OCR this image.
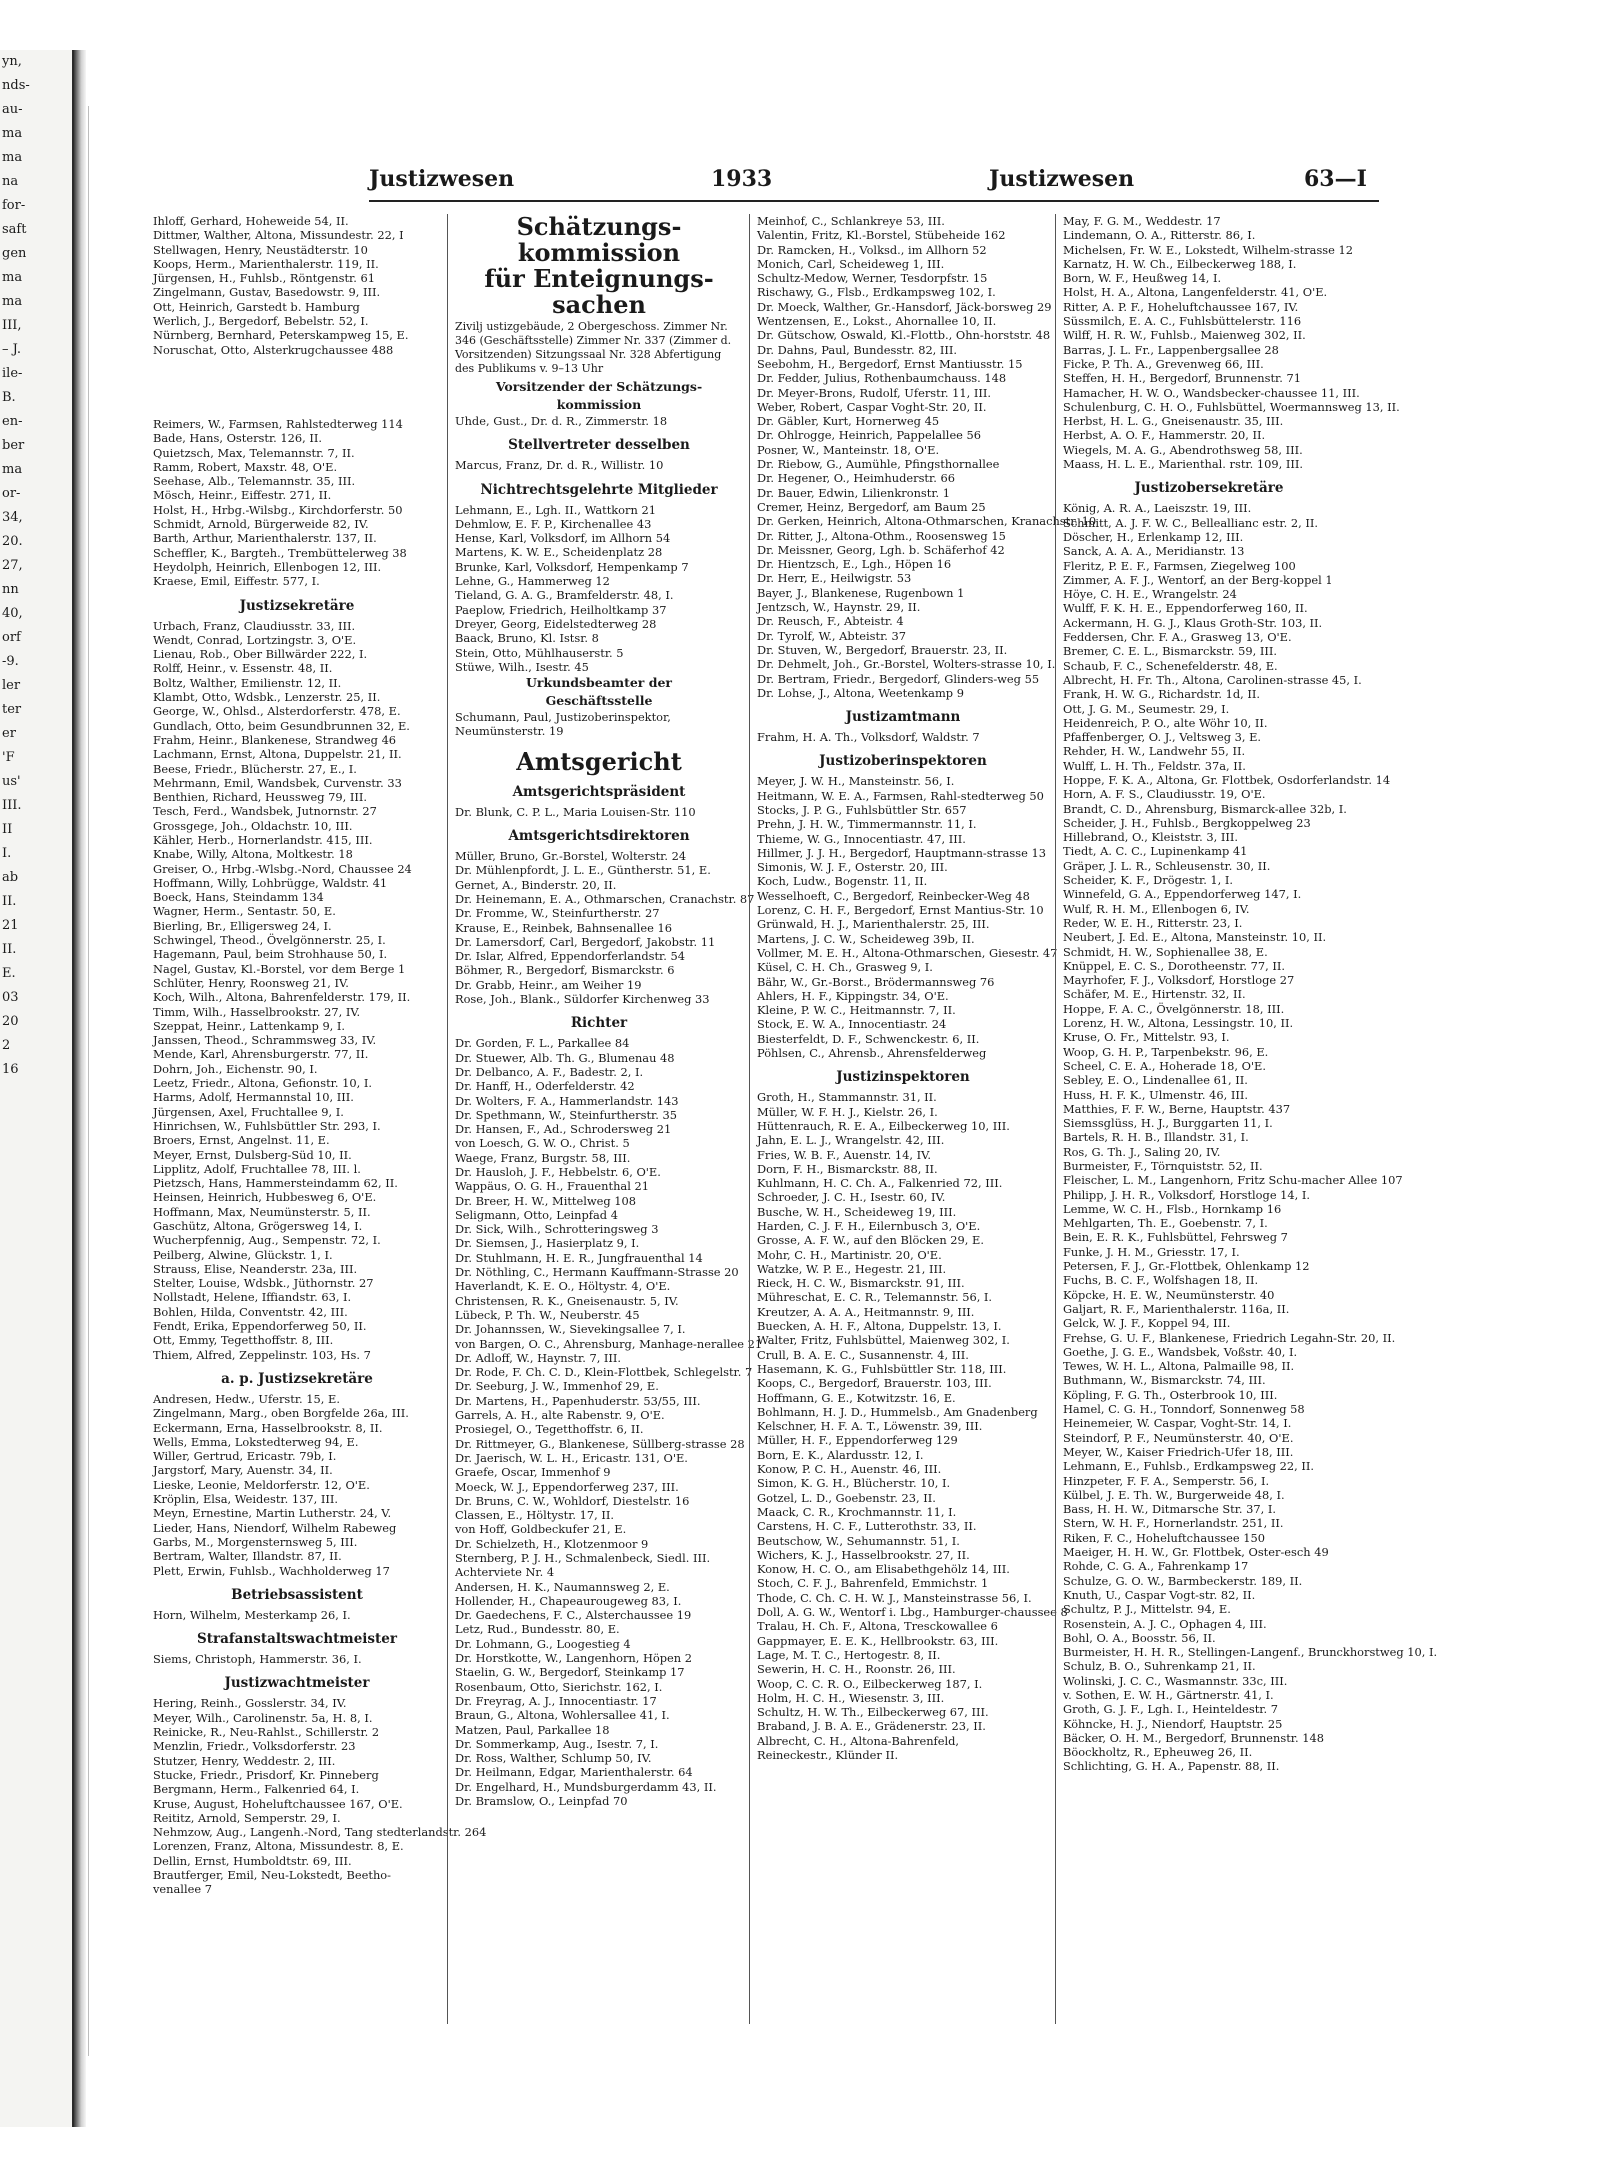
yn,
nds-
au-
ma
ma
na
for-
saft
gen
ma
ma
III,
– J.
ile-
B.
en-
ber
ma
or-
34,
20.
27,
nn
40,
orf
-9.
ler
ter
er
'F
us'
III.
II
I.
ab
II.
21
II.
E.
03
20
2
16
Justizwesen	1933	Justizwesen	63—I
Ihloff, Gerhard, Hoheweide 54, II.
Dittmer, Walther, Altona, Missundestr. 22, I
Stellwagen, Henry, Neustädterstr. 10
Koops, Herm., Marienthalerstr. 119, II.
Jürgensen, H., Fuhlsb., Röntgenstr. 61
Zingelmann, Gustav, Basedowstr. 9, III.
Ott, Heinrich, Garstedt b. Hamburg
Werlich, J., Bergedorf, Bebelstr. 52, I.
Nürnberg, Bernhard, Peterskampweg 15, E.
Noruschat, Otto, Alsterkrugchaussee 488
Reimers, W., Farmsen, Rahlstedterweg 114
Bade, Hans, Osterstr. 126, II.
Quietzsch, Max, Telemannstr. 7, II.
Ramm, Robert, Maxstr. 48, O'E.
Seehase, Alb., Telemannstr. 35, III.
Mösch, Heinr., Eiffestr. 271, II.
Holst, H., Hrbg.-Wilsbg., Kirchdorferstr. 50
Schmidt, Arnold, Bürgerweide 82, IV.
Barth, Arthur, Marienthalerstr. 137, II.
Scheffler, K., Bargteh., Trembüttelerweg 38
Heydolph, Heinrich, Ellenbogen 12, III.
Kraese, Emil, Eiffestr. 577, I.
Justizsekretäre
Urbach, Franz, Claudiusstr. 33, III.
Wendt, Conrad, Lortzingstr. 3, O'E.
Lienau, Rob., Ober Billwärder 222, I.
Rolff, Heinr., v. Essenstr. 48, II.
Boltz, Walther, Emilienstr. 12, II.
Klambt, Otto, Wdsbk., Lenzerstr. 25, II.
George, W., Ohlsd., Alsterdorferstr. 478, E.
Gundlach, Otto, beim Gesundbrunnen 32, E.
Frahm, Heinr., Blankenese, Strandweg 46
Lachmann, Ernst, Altona, Duppelstr. 21, II.
Beese, Friedr., Blücherstr. 27, E., I.
Mehrmann, Emil, Wandsbek, Curvenstr. 33
Benthien, Richard, Heussweg 79, III.
Tesch, Ferd., Wandsbek, Jutnornstr. 27
Grossgege, Joh., Oldachstr. 10, III.
Kähler, Herb., Hornerlandstr. 415, III.
Knabe, Willy, Altona, Moltkestr. 18
Greiser, O., Hrbg.-Wlsbg.-Nord, Chaussee 24
Hoffmann, Willy, Lohbrügge, Waldstr. 41
Boeck, Hans, Steindamm 134
Wagner, Herm., Sentastr. 50, E.
Bierling, Br., Elligersweg 24, I.
Schwingel, Theod., Övelgönnerstr. 25, I.
Hagemann, Paul, beim Strohhause 50, I.
Nagel, Gustav, Kl.-Borstel, vor dem Berge 1
Schlüter, Henry, Roonsweg 21, IV.
Koch, Wilh., Altona, Bahrenfelderstr. 179, II.
Timm, Wilh., Hasselbrookstr. 27, IV.
Szeppat, Heinr., Lattenkamp 9, I.
Janssen, Theod., Schrammsweg 33, IV.
Mende, Karl, Ahrensburgerstr. 77, II.
Dohrn, Joh., Eichenstr. 90, I.
Leetz, Friedr., Altona, Gefionstr. 10, I.
Harms, Adolf, Hermannstal 10, III.
Jürgensen, Axel, Fruchtallee 9, I.
Hinrichsen, W., Fuhlsbüttler Str. 293, I.
Broers, Ernst, Angelnst. 11, E.
Meyer, Ernst, Dulsberg-Süd 10, II.
Lipplitz, Adolf, Fruchtallee 78, III. l.
Pietzsch, Hans, Hammersteindamm 62, II.
Heinsen, Heinrich, Hubbesweg 6, O'E.
Hoffmann, Max, Neumünsterstr. 5, II.
Gaschütz, Altona, Grögersweg 14, I.
Wucherpfennig, Aug., Sempenstr. 72, I.
Peilberg, Alwine, Glückstr. 1, I.
Strauss, Elise, Neanderstr. 23a, III.
Stelter, Louise, Wdsbk., Jüthornstr. 27
Nollstadt, Helene, Iffiandstr. 63, I.
Bohlen, Hilda, Conventstr. 42, III.
Fendt, Erika, Eppendorferweg 50, II.
Ott, Emmy, Tegetthoffstr. 8, III.
Thiem, Alfred, Zeppelinstr. 103, Hs. 7
a. p. Justizsekretäre
Andresen, Hedw., Uferstr. 15, E.
Zingelmann, Marg., oben Borgfelde 26a, III.
Eckermann, Erna, Hasselbrookstr. 8, II.
Wells, Emma, Lokstedterweg 94, E.
Willer, Gertrud, Ericastr. 79b, I.
Jargstorf, Mary, Auenstr. 34, II.
Lieske, Leonie, Meldorferstr. 12, O'E.
Kröplin, Elsa, Weidestr. 137, III.
Meyn, Ernestine, Martin Lutherstr. 24, V.
Lieder, Hans, Niendorf, Wilhelm Rabeweg
Garbs, M., Morgensternsweg 5, III.
Bertram, Walter, Illandstr. 87, II.
Plett, Erwin, Fuhlsb., Wachholderweg 17
Betriebsassistent
Horn, Wilhelm, Mesterkamp 26, I.
Strafanstaltswachtmeister
Siems, Christoph, Hammerstr. 36, I.
Justizwachtmeister
Hering, Reinh., Gosslerstr. 34, IV.
Meyer, Wilh., Carolinenstr. 5a, H. 8, I.
Reinicke, R., Neu-Rahlst., Schillerstr. 2
Menzlin, Friedr., Volksdorferstr. 23
Stutzer, Henry, Weddestr. 2, III.
Stucke, Friedr., Prisdorf, Kr. Pinneberg
Bergmann, Herm., Falkenried 64, I.
Kruse, August, Hoheluftchaussee 167, O'E.
Reititz, Arnold, Semperstr. 29, I.
Nehmzow, Aug., Langenh.-Nord, Tang stedterlandstr. 264
Lorenzen, Franz, Altona, Missundestr. 8, E.
Dellin, Ernst, Humboldtstr. 69, III.
Brautferger, Emil, Neu-Lokstedt, Beetho-
venallee 7
Schätzungs-
kommission
für Enteignungs-
sachen
Zivilj ustizgebäude, 2 Obergeschoss. Zimmer Nr. 346 (Geschäftsstelle) Zimmer Nr. 337 (Zimmer d. Vorsitzenden) Sitzungssaal Nr. 328 Abfertigung des Publikums v. 9–13 Uhr
Vorsitzender der Schätzungs-
kommission
Uhde, Gust., Dr. d. R., Zimmerstr. 18
Stellvertreter desselben
Marcus, Franz, Dr. d. R., Willistr. 10
Nichtrechtsgelehrte Mitglieder
Lehmann, E., Lgh. II., Wattkorn 21
Dehmlow, E. F. P., Kirchenallee 43
Hense, Karl, Volksdorf, im Allhorn 54
Martens, K. W. E., Scheidenplatz 28
Brunke, Karl, Volksdorf, Hempenkamp 7
Lehne, G., Hammerweg 12
Tieland, G. A. G., Bramfelderstr. 48, I.
Paeplow, Friedrich, Heilholtkamp 37
Dreyer, Georg, Eidelstedterweg 28
Baack, Bruno, Kl. Istsr. 8
Stein, Otto, Mühlhauserstr. 5
Stüwe, Wilh., Isestr. 45
Urkundsbeamter der
Geschäftsstelle
Schumann, Paul, Justizoberinspektor,
Neumünsterstr. 19
Amtsgericht
Amtsgerichtspräsident
Dr. Blunk, C. P. L., Maria Louisen-Str. 110
Amtsgerichtsdirektoren
Müller, Bruno, Gr.-Borstel, Wolterstr. 24
Dr. Mühlenpfordt, J. L. E., Güntherstr. 51, E.
Gernet, A., Binderstr. 20, II.
Dr. Heinemann, E. A., Othmarschen, Cranachstr. 87
Dr. Fromme, W., Steinfurtherstr. 27
Krause, E., Reinbek, Bahnsenallee 16
Dr. Lamersdorf, Carl, Bergedorf, Jakobstr. 11
Dr. Islar, Alfred, Eppendorferlandstr. 54
Böhmer, R., Bergedorf, Bismarckstr. 6
Dr. Grabb, Heinr., am Weiher 19
Rose, Joh., Blank., Süldorfer Kirchenweg 33
Richter
Dr. Gorden, F. L., Parkallee 84
Dr. Stuewer, Alb. Th. G., Blumenau 48
Dr. Delbanco, A. F., Badestr. 2, I.
Dr. Hanff, H., Oderfelderstr. 42
Dr. Wolters, F. A., Hammerlandstr. 143
Dr. Spethmann, W., Steinfurtherstr. 35
Dr. Hansen, F., Ad., Schrodersweg 21
von Loesch, G. W. O., Christ. 5
Waege, Franz, Burgstr. 58, III.
Dr. Hausloh, J. F., Hebbelstr. 6, O'E.
Wappäus, O. G. H., Frauenthal 21
Dr. Breer, H. W., Mittelweg 108
Seligmann, Otto, Leinpfad 4
Dr. Sick, Wilh., Schrotteringsweg 3
Dr. Siemsen, J., Hasierplatz 9, I.
Dr. Stuhlmann, H. E. R., Jungfrauenthal 14
Dr. Nöthling, C., Hermann Kauffmann-Strasse 20
Haverlandt, K. E. O., Höltystr. 4, O'E.
Christensen, R. K., Gneisenaustr. 5, IV.
Lübeck, P. Th. W., Neuberstr. 45
Dr. Johannssen, W., Sievekingsallee 7, I.
von Bargen, O. C., Ahrensburg, Manhage-nerallee 21
Dr. Adloff, W., Haynstr. 7, III.
Dr. Rode, F. Ch. C. D., Klein-Flottbek, Schlegelstr. 7
Dr. Seeburg, J. W., Immenhof 29, E.
Dr. Martens, H., Papenhuderstr. 53/55, III.
Garrels, A. H., alte Rabenstr. 9, O'E.
Prosiegel, O., Tegetthoffstr. 6, II.
Dr. Rittmeyer, G., Blankenese, Süllberg-strasse 28
Dr. Jaerisch, W. L. H., Ericastr. 131, O'E.
Graefe, Oscar, Immenhof 9
Moeck, W. J., Eppendorferweg 237, III.
Dr. Bruns, C. W., Wohldorf, Diestelstr. 16
Classen, E., Höltystr. 17, II.
von Hoff, Goldbeckufer 21, E.
Dr. Schielzeth, H., Klotzenmoor 9
Sternberg, P. J. H., Schmalenbeck, Siedl. III.
Achterviete Nr. 4
Andersen, H. K., Naumannsweg 2, E.
Hollender, H., Chapeaurougeweg 83, I.
Dr. Gaedechens, F. C., Alsterchaussee 19
Letz, Rud., Bundesstr. 80, E.
Dr. Lohmann, G., Loogestieg 4
Dr. Horstkotte, W., Langenhorn, Höpen 2
Staelin, G. W., Bergedorf, Steinkamp 17
Rosenbaum, Otto, Sierichstr. 162, I.
Dr. Freyrag, A. J., Innocentiastr. 17
Braun, G., Altona, Wohlersallee 41, I.
Matzen, Paul, Parkallee 18
Dr. Sommerkamp, Aug., Isestr. 7, I.
Dr. Ross, Walther, Schlump 50, IV.
Dr. Heilmann, Edgar, Marienthalerstr. 64
Dr. Engelhard, H., Mundsburgerdamm 43, II.
Dr. Bramslow, O., Leinpfad 70
Meinhof, C., Schlankreye 53, III.
Valentin, Fritz, Kl.-Borstel, Stübeheide 162
Dr. Ramcken, H., Volksd., im Allhorn 52
Monich, Carl, Scheideweg 1, III.
Schultz-Medow, Werner, Tesdorpfstr. 15
Rischawy, G., Flsb., Erdkampsweg 102, I.
Dr. Moeck, Walther, Gr.-Hansdorf, Jäck-borsweg 29
Wentzensen, E., Lokst., Ahornallee 10, II.
Dr. Gütschow, Oswald, Kl.-Flottb., Ohn-horststr. 48
Dr. Dahns, Paul, Bundesstr. 82, III.
Seebohm, H., Bergedorf, Ernst Mantiusstr. 15
Dr. Fedder, Julius, Rothenbaumchauss. 148
Dr. Meyer-Brons, Rudolf, Uferstr. 11, III.
Weber, Robert, Caspar Voght-Str. 20, II.
Dr. Gäbler, Kurt, Hornerweg 45
Dr. Ohlrogge, Heinrich, Pappelallee 56
Posner, W., Manteinstr. 18, O'E.
Dr. Riebow, G., Aumühle, Pfingsthornallee
Dr. Hegener, O., Heimhuderstr. 66
Dr. Bauer, Edwin, Lilienkronstr. 1
Cremer, Heinz, Bergedorf, am Baum 25
Dr. Gerken, Heinrich, Altona-Othmarschen, Kranachstr. 10
Dr. Ritter, J., Altona-Othm., Roosensweg 15
Dr. Meissner, Georg, Lgh. b. Schäferhof 42
Dr. Hientzsch, E., Lgh., Höpen 16
Dr. Herr, E., Heilwigstr. 53
Bayer, J., Blankenese, Rugenbown 1
Jentzsch, W., Haynstr. 29, II.
Dr. Reusch, F., Abteistr. 4
Dr. Tyrolf, W., Abteistr. 37
Dr. Stuven, W., Bergedorf, Brauerstr. 23, II.
Dr. Dehmelt, Joh., Gr.-Borstel, Wolters-strasse 10, I.
Dr. Bertram, Friedr., Bergedorf, Glinders-weg 55
Dr. Lohse, J., Altona, Weetenkamp 9
Justizamtmann
Frahm, H. A. Th., Volksdorf, Waldstr. 7
Justizoberinspektoren
Meyer, J. W. H., Mansteinstr. 56, I.
Heitmann, W. E. A., Farmsen, Rahl-stedterweg 50
Stocks, J. P. G., Fuhlsbüttler Str. 657
Prehn, J. H. W., Timmermannstr. 11, I.
Thieme, W. G., Innocentiastr. 47, III.
Hillmer, J. J. H., Bergedorf, Hauptmann-strasse 13
Simonis, W. J. F., Osterstr. 20, III.
Koch, Ludw., Bogenstr. 11, II.
Wesselhoeft, C., Bergedorf, Reinbecker-Weg 48
Lorenz, C. H. F., Bergedorf, Ernst Mantius-Str. 10
Grünwald, H. J., Marienthalerstr. 25, III.
Martens, J. C. W., Scheideweg 39b, II.
Vollmer, M. E. H., Altona-Othmarschen, Giesestr. 47
Küsel, C. H. Ch., Grasweg 9, I.
Bähr, W., Gr.-Borst., Brödermannsweg 76
Ahlers, H. F., Kippingstr. 34, O'E.
Kleine, P. W. C., Heitmannstr. 7, II.
Stock, E. W. A., Innocentiastr. 24
Biesterfeldt, D. F., Schwenckestr. 6, II.
Pöhlsen, C., Ahrensb., Ahrensfelderweg
Justizinspektoren
Groth, H., Stammannstr. 31, II.
Müller, W. F. H. J., Kielstr. 26, I.
Hüttenrauch, R. E. A., Eilbeckerweg 10, III.
Jahn, E. L. J., Wrangelstr. 42, III.
Fries, W. B. F., Auenstr. 14, IV.
Dorn, F. H., Bismarckstr. 88, II.
Kuhlmann, H. C. Ch. A., Falkenried 72, III.
Schroeder, J. C. H., Isestr. 60, IV.
Busche, W. H., Scheideweg 19, III.
Harden, C. J. F. H., Eilernbusch 3, O'E.
Grosse, A. F. W., auf den Blöcken 29, E.
Mohr, C. H., Martinistr. 20, O'E.
Watzke, W. P. E., Hegestr. 21, III.
Rieck, H. C. W., Bismarckstr. 91, III.
Mühreschat, E. C. R., Telemannstr. 56, I.
Kreutzer, A. A. A., Heitmannstr. 9, III.
Buecken, A. H. F., Altona, Duppelstr. 13, I.
Walter, Fritz, Fuhlsbüttel, Maienweg 302, I.
Crull, B. A. E. C., Susannenstr. 4, III.
Hasemann, K. G., Fuhlsbüttler Str. 118, III.
Koops, C., Bergedorf, Brauerstr. 103, III.
Hoffmann, G. E., Kotwitzstr. 16, E.
Bohlmann, H. J. D., Hummelsb., Am Gnadenberg
Kelschner, H. F. A. T., Löwenstr. 39, III.
Müller, H. F., Eppendorferweg 129
Born, E. K., Alardusstr. 12, I.
Konow, P. C. H., Auenstr. 46, III.
Simon, K. G. H., Blücherstr. 10, I.
Gotzel, L. D., Goebenstr. 23, II.
Maack, C. R., Krochmannstr. 11, I.
Carstens, H. C. F., Lutterothstr. 33, II.
Beutschow, W., Sehumannstr. 51, I.
Wichers, K. J., Hasselbrookstr. 27, II.
Konow, H. C. O., am Elisabethgehölz 14, III.
Stoch, C. F. J., Bahrenfeld, Emmichstr. 1
Thode, C. Ch. C. H. W. J., Mansteinstrasse 56, I.
Doll, A. G. W., Wentorf i. Lbg., Hamburger-chaussee 8
Tralau, H. Ch. F., Altona, Tresckowallee 6
Gappmayer, E. E. K., Hellbrookstr. 63, III.
Lage, M. T. C., Hertogestr. 8, II.
Sewerin, H. C. H., Roonstr. 26, III.
Woop, C. C. R. O., Eilbeckerweg 187, I.
Holm, H. C. H., Wiesenstr. 3, III.
Schultz, H. W. Th., Eilbeckerweg 67, III.
Braband, J. B. A. E., Grädenerstr. 23, II.
Albrecht, C. H., Altona-Bahrenfeld,
Reineckestr., Klünder II.
May, F. G. M., Weddestr. 17
Lindemann, O. A., Ritterstr. 86, I.
Michelsen, Fr. W. E., Lokstedt, Wilhelm-strasse 12
Karnatz, H. W. Ch., Eilbeckerweg 188, I.
Born, W. F., Heußweg 14, I.
Holst, H. A., Altona, Langenfelderstr. 41, O'E.
Ritter, A. P. F., Hoheluftchaussee 167, IV.
Süssmilch, E. A. C., Fuhlsbüttelerstr. 116
Wilff, H. R. W., Fuhlsb., Maienweg 302, II.
Barras, J. L. Fr., Lappenbergsallee 28
Ficke, P. Th. A., Grevenweg 66, III.
Steffen, H. H., Bergedorf, Brunnenstr. 71
Hamacher, H. W. O., Wandsbecker-chaussee 11, III.
Schulenburg, C. H. O., Fuhlsbüttel, Woermannsweg 13, II.
Herbst, H. L. G., Gneisenaustr. 35, III.
Herbst, A. O. F., Hammerstr. 20, II.
Wiegels, M. A. G., Abendrothsweg 58, III.
Maass, H. L. E., Marienthal. rstr. 109, III.
Justizobersekretäre
König, A. R. A., Laeiszstr. 19, III.
Schmitt, A. J. F. W. C., Belleallianc estr. 2, II.
Döscher, H., Erlenkamp 12, III.
Sanck, A. A. A., Meridianstr. 13
Fleritz, P. E. F., Farmsen, Ziegelweg 100
Zimmer, A. F. J., Wentorf, an der Berg-koppel 1
Höye, C. H. E., Wrangelstr. 24
Wulff, F. K. H. E., Eppendorferweg 160, II.
Ackermann, H. G. J., Klaus Groth-Str. 103, II.
Feddersen, Chr. F. A., Grasweg 13, O'E.
Bremer, C. E. L., Bismarckstr. 59, III.
Schaub, F. C., Schenefelderstr. 48, E.
Albrecht, H. Fr. Th., Altona, Carolinen-strasse 45, I.
Frank, H. W. G., Richardstr. 1d, II.
Ott, J. G. M., Seumestr. 29, I.
Heidenreich, P. O., alte Wöhr 10, II.
Pfaffenberger, O. J., Veltsweg 3, E.
Rehder, H. W., Landwehr 55, II.
Wulff, L. H. Th., Feldstr. 37a, II.
Hoppe, F. K. A., Altona, Gr. Flottbek, Osdorferlandstr. 14
Horn, A. F. S., Claudiusstr. 19, O'E.
Brandt, C. D., Ahrensburg, Bismarck-allee 32b, I.
Scheider, J. H., Fuhlsb., Bergkoppelweg 23
Hillebrand, O., Kleiststr. 3, III.
Tiedt, A. C. C., Lupinenkamp 41
Gräper, J. L. R., Schleusenstr. 30, II.
Scheider, K. F., Drögestr. 1, I.
Winnefeld, G. A., Eppendorferweg 147, I.
Wulf, R. H. M., Ellenbogen 6, IV.
Reder, W. E. H., Ritterstr. 23, I.
Neubert, J. Ed. E., Altona, Mansteinstr. 10, II.
Schmidt, H. W., Sophienallee 38, E.
Knüppel, E. C. S., Dorotheenstr. 77, II.
Mayrhofer, F. J., Volksdorf, Horstloge 27
Schäfer, M. E., Hirtenstr. 32, II.
Hoppe, F. A. C., Övelgönnerstr. 18, III.
Lorenz, H. W., Altona, Lessingstr. 10, II.
Kruse, O. Fr., Mittelstr. 93, I.
Woop, G. H. P., Tarpenbekstr. 96, E.
Scheel, C. E. A., Hoherade 18, O'E.
Sebley, E. O., Lindenallee 61, II.
Huss, H. F. K., Ulmenstr. 46, III.
Matthies, F. F. W., Berne, Hauptstr. 437
Siemssglüss, H. J., Burggarten 11, I.
Bartels, R. H. B., Illandstr. 31, I.
Ros, G. Th. J., Saling 20, IV.
Burmeister, F., Törnquiststr. 52, II.
Fleischer, L. M., Langenhorn, Fritz Schu-macher Allee 107
Philipp, J. H. R., Volksdorf, Horstloge 14, I.
Lemme, W. C. H., Flsb., Hornkamp 16
Mehlgarten, Th. E., Goebenstr. 7, I.
Bein, E. R. K., Fuhlsbüttel, Fehrsweg 7
Funke, J. H. M., Griesstr. 17, I.
Petersen, F. J., Gr.-Flottbek, Ohlenkamp 12
Fuchs, B. C. F., Wolfshagen 18, II.
Köpcke, H. E. W., Neumünsterstr. 40
Galjart, R. F., Marienthalerstr. 116a, II.
Gelck, W. J. F., Koppel 94, III.
Frehse, G. U. F., Blankenese, Friedrich Legahn-Str. 20, II.
Goethe, J. G. E., Wandsbek, Voßstr. 40, I.
Tewes, W. H. L., Altona, Palmaille 98, II.
Buthmann, W., Bismarckstr. 74, III.
Köpling, F. G. Th., Osterbrook 10, III.
Hamel, C. G. H., Tonndorf, Sonnenweg 58
Heinemeier, W. Caspar, Voght-Str. 14, I.
Steindorf, P. F., Neumünsterstr. 40, O'E.
Meyer, W., Kaiser Friedrich-Ufer 18, III.
Lehmann, E., Fuhlsb., Erdkampsweg 22, II.
Hinzpeter, F. F. A., Semperstr. 56, I.
Külbel, J. E. Th. W., Burgerweide 48, I.
Bass, H. H. W., Ditmarsche Str. 37, I.
Stern, W. H. F., Hornerlandstr. 251, II.
Riken, F. C., Hoheluftchaussee 150
Maeiger, H. H. W., Gr. Flottbek, Oster-esch 49
Rohde, C. G. A., Fahrenkamp 17
Schulze, G. O. W., Barmbeckerstr. 189, II.
Knuth, U., Caspar Vogt-str. 82, II.
Schultz, P. J., Mittelstr. 94, E.
Rosenstein, A. J. C., Ophagen 4, III.
Bohl, O. A., Boosstr. 56, II.
Burmeister, H. H. R., Stellingen-Langenf., Brunckhorstweg 10, I.
Schulz, B. O., Suhrenkamp 21, II.
Wolinski, J. C. C., Wasmannstr. 33c, III.
v. Sothen, E. W. H., Gärtnerstr. 41, I.
Groth, G. J. F., Lgh. I., Heinteldestr. 7
Köhncke, H. J., Niendorf, Hauptstr. 25
Bäcker, O. H. M., Bergedorf, Brunnenstr. 148
Böockholtz, R., Epheuweg 26, II.
Schlichting, G. H. A., Papenstr. 88, II.
